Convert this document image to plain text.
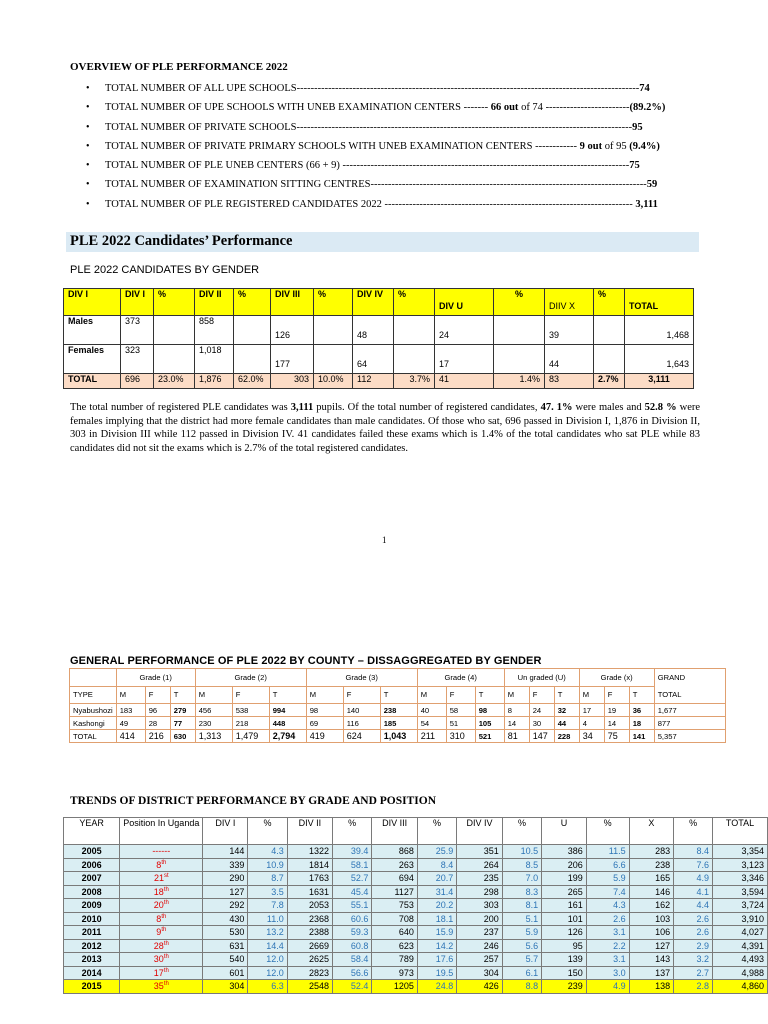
OVERVIEW OF PLE PERFORMANCE 2022
• TOTAL NUMBER OF ALL UPE SCHOOLS--------------------------------------------------------------------------------------------------74
• TOTAL NUMBER OF UPE SCHOOLS WITH UNEB EXAMINATION CENTERS ------- 66 out of 74 ------------------------(89.2%)
• TOTAL NUMBER OF PRIVATE SCHOOLS------------------------------------------------------------------------------------------------95
• TOTAL NUMBER OF PRIVATE PRIMARY SCHOOLS WITH UNEB EXAMINATION CENTERS ------------ 9 out of 95 (9.4%)
• TOTAL NUMBER OF PLE UNEB CENTERS (66 + 9) ----------------------------------------------------------------------------------75
• TOTAL NUMBER OF EXAMINATION SITTING CENTRES-------------------------------------------------------------------------------59
• TOTAL NUMBER OF PLE REGISTERED CANDIDATES 2022 ----------------------------------------------------------------------- 3,111
PLE 2022 Candidates’ Performance
PLE 2022 CANDIDATES BY GENDER
DIV I	DIV I	%	DIV II	%	DIV III	%	DIV IV	%	DIV U	%	DIIV X	%	TOTAL

Males	373		858		126		48		24		39		1,468

Females	323		1,018		177		64		17		44		1,643

TOTAL	696	23.0%	1,876	62.0%	303	10.0%	112	3.7%	41	1.4%	83	2.7%	3,111
The total number of registered PLE candidates was 3,111 pupils. Of the total number of registered candidates, 47. 1% were males and 52.8 % were females implying that the district had more female candidates than male candidates. Of those who sat, 696 passed in Division I, 1,876 in Division II, 303 in Division III while 112 passed in Division IV. 41 candidates failed these exams which is 1.4% of the total candidates who sat PLE while 83 candidates did not sit the exams which is 2.7% of the total registered candidates.
1
GENERAL PERFORMANCE OF PLE 2022 BY COUNTY – DISSAGGREGATED BY GENDER
	Grade (1)			Grade (2)			Grade (3)			Grade (4)			Un graded (U)			Grade (x)			GRAND
TOTAL
TYPE	M	F	T	M	F	T	M	F	T	M	F	T	M	F	T	M	F	T	
Nyabushozi	183	96	279	456	538	994	98	140	238	40	58	98	8	24	32	17	19	36	1,677
Kashongi	49	28	77	230	218	448	69	116	185	54	51	105	14	30	44	4	14	18	877
TOTAL	414	216	630	1,313	1,479	2,794	419	624	1,043	211	310	521	81	147	228	34	75	141	5,357
TRENDS OF DISTRICT PERFORMANCE BY GRADE AND POSITION
YEAR	Position In Uganda	DIV I	%	DIV II	%	DIV III	%	DIV IV	%	U	%	X	%	TOTAL
2005	------	144	4.3	1322	39.4	868	25.9	351	10.5	386	11.5	283	8.4	3,354
2006	8th	339	10.9	1814	58.1	263	8.4	264	8.5	206	6.6	238	7.6	3,123
2007	21st	290	8.7	1763	52.7	694	20.7	235	7.0	199	5.9	165	4.9	3,346
2008	18th	127	3.5	1631	45.4	1127	31.4	298	8.3	265	7.4	146	4.1	3,594
2009	20th	292	7.8	2053	55.1	753	20.2	303	8.1	161	4.3	162	4.4	3,724
2010	8th	430	11.0	2368	60.6	708	18.1	200	5.1	101	2.6	103	2.6	3,910
2011	9th	530	13.2	2388	59.3	640	15.9	237	5.9	126	3.1	106	2.6	4,027
2012	28th	631	14.4	2669	60.8	623	14.2	246	5.6	95	2.2	127	2.9	4,391
2013	30th	540	12.0	2625	58.4	789	17.6	257	5.7	139	3.1	143	3.2	4,493
2014	17th	601	12.0	2823	56.6	973	19.5	304	6.1	150	3.0	137	2.7	4,988
2015	35th	304	6.3	2548	52.4	1205	24.8	426	8.8	239	4.9	138	2.8	4,860
